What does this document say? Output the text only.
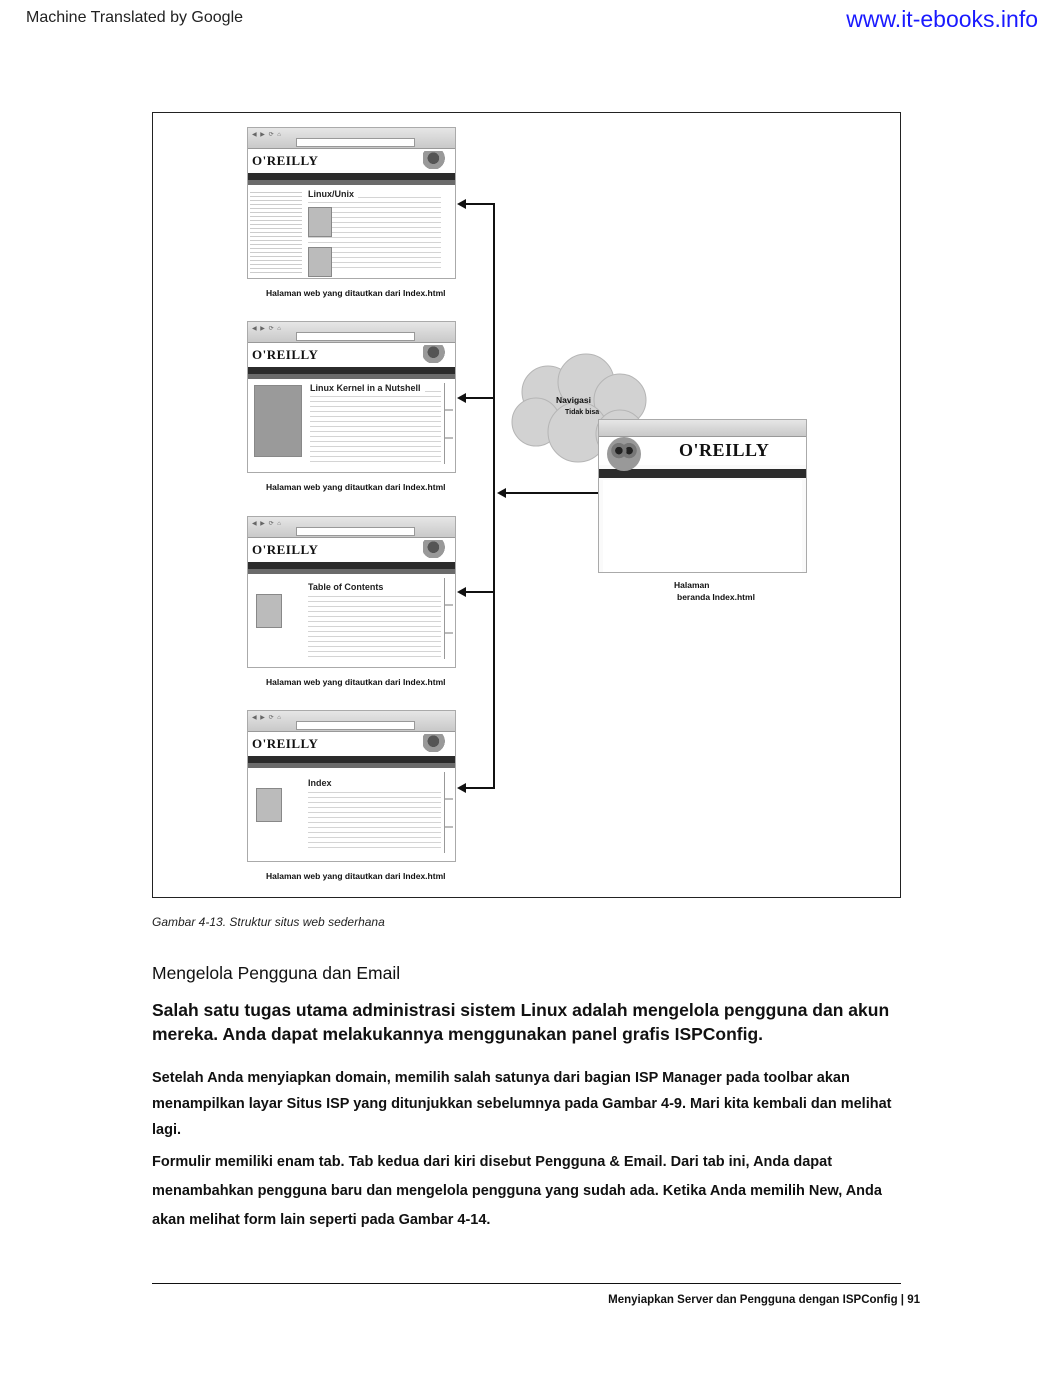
Machine Translated by Google	www.it-ebooks.info
◀ ▶ ⟳ ⌂
O'REILLY
Linux/Unix
Halaman web yang ditautkan dari Index.html
◀ ▶ ⟳ ⌂
O'REILLY
Linux Kernel in a Nutshell
Halaman web yang ditautkan dari Index.html
◀ ▶ ⟳ ⌂
O'REILLY
Table of Contents
Halaman web yang ditautkan dari Index.html
◀ ▶ ⟳ ⌂
O'REILLY
Index
Halaman web yang ditautkan dari Index.html
Navigasi
Tidak bisa
O'REILLY
Halaman
beranda Index.html
Gambar 4-13. Struktur situs web sederhana
Mengelola Pengguna dan Email
Salah satu tugas utama administrasi sistem Linux adalah mengelola pengguna dan akun mereka. Anda dapat melakukannya menggunakan panel grafis ISPConfig.
Setelah Anda menyiapkan domain, memilih salah satunya dari bagian ISP Manager pada toolbar akan menampilkan layar Situs ISP yang ditunjukkan sebelumnya pada Gambar 4-9. Mari kita kembali dan melihat lagi.
Formulir memiliki enam tab. Tab kedua dari kiri disebut Pengguna & Email. Dari tab ini, Anda dapat menambahkan pengguna baru dan mengelola pengguna yang sudah ada. Ketika Anda memilih New, Anda akan melihat form lain seperti pada Gambar 4-14.
Menyiapkan Server dan Pengguna dengan ISPConfig | 91
